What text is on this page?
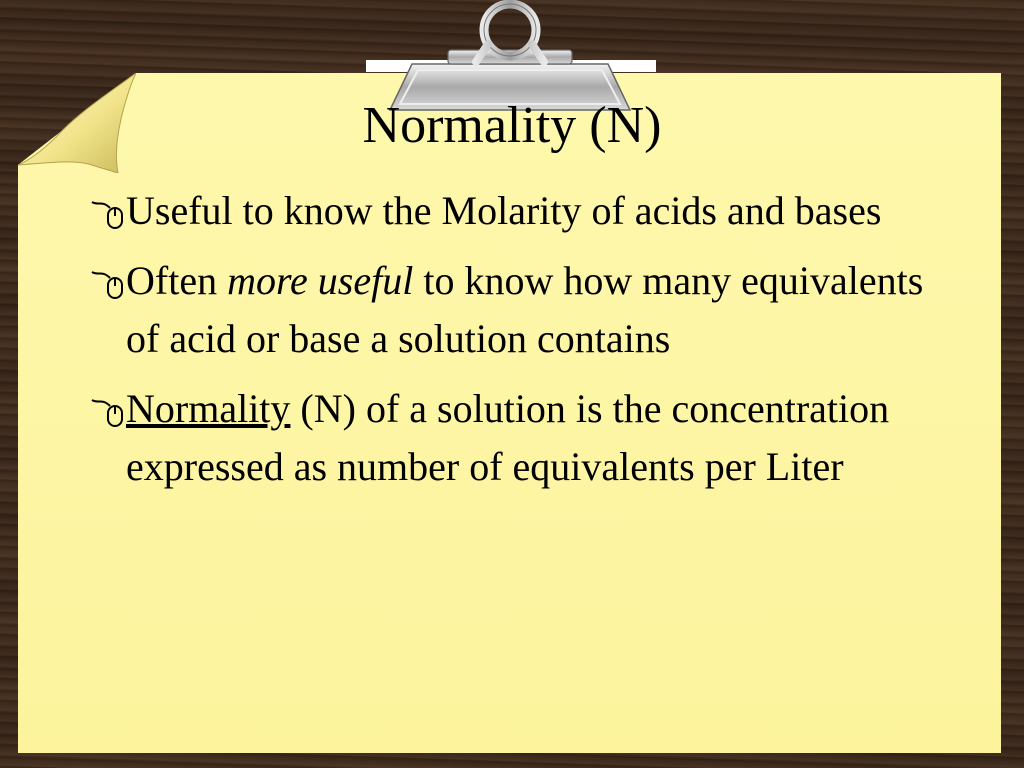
Normality (N)
Useful to know the Molarity of acids and bases
Often more useful to know how many equivalents of acid or base a solution contains
Normality (N) of a solution is the concentration expressed as number of equivalents per Liter
